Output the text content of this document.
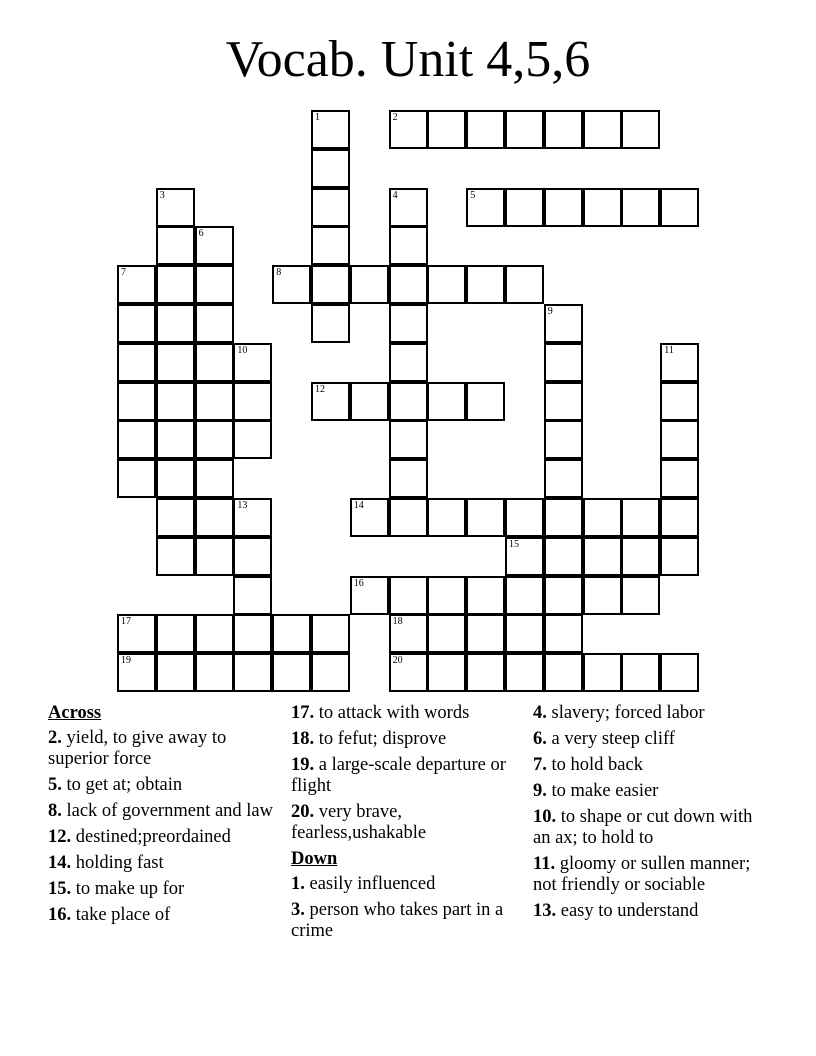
Vocab. Unit 4,5,6
1	2
3	4	5
6
7	8
9
10	11
12
13	14
15
16
17	18
19	20
Across
2. yield, to give away to superior force
5. to get at; obtain
8. lack of government and law
12. destined;preordained
14. holding fast
15. to make up for
16. take place of
17. to attack with words
18. to fefut; disprove
19. a large-scale departure or flight
20. very brave, fearless,ushakable
Down
1. easily influenced
3. person who takes part in a crime
4. slavery; forced labor
6. a very steep cliff
7. to hold back
9. to make easier
10. to shape or cut down with an ax; to hold to
11. gloomy or sullen manner; not friendly or sociable
13. easy to understand
